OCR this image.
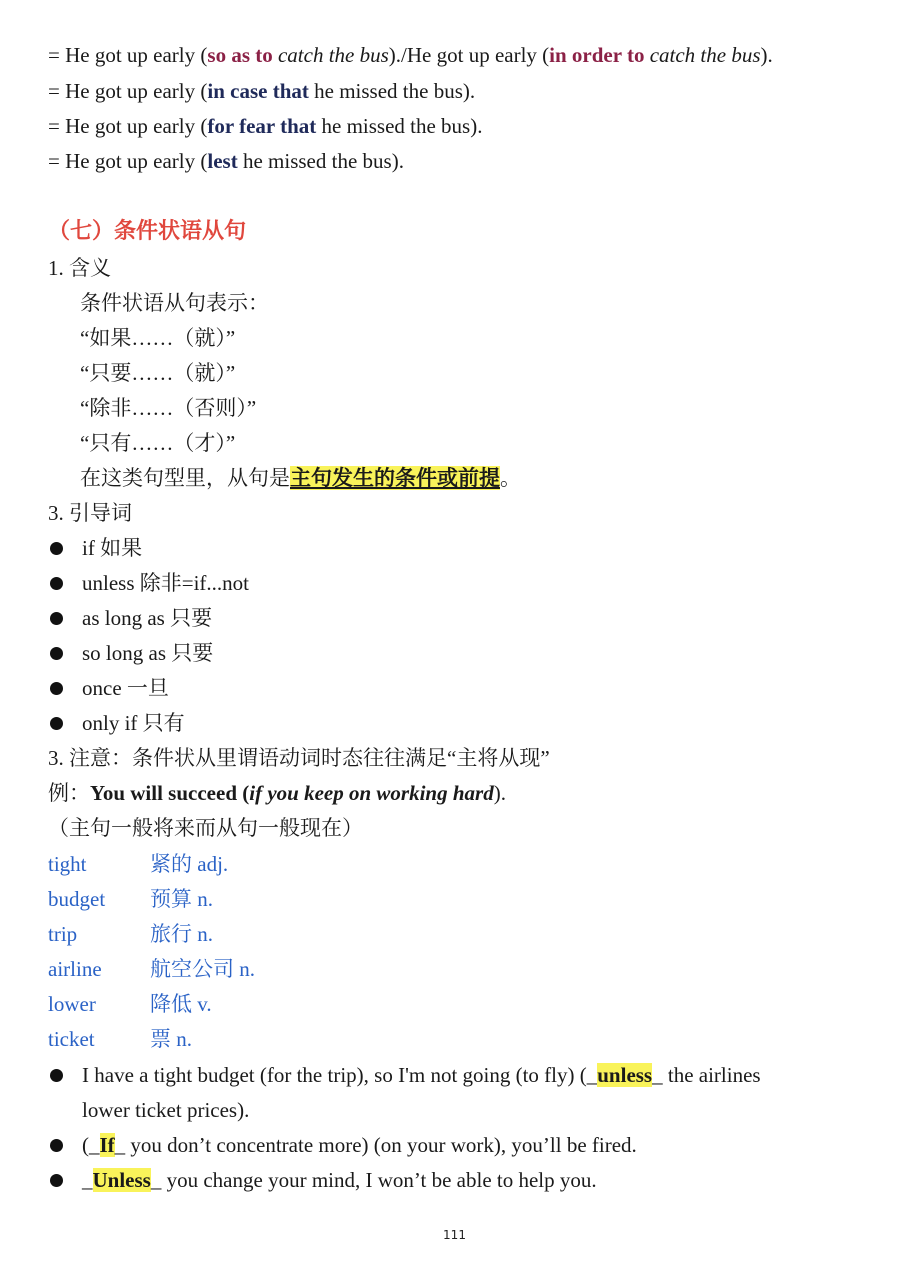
= He got up early (so as to catch the bus)./He got up early (in order to catch the bus).
= He got up early (in case that he missed the bus).
= He got up early (for fear that he missed the bus).
= He got up early (lest he missed the bus).
（七）条件状语从句
1. 含义
条件状语从句表示：
“如果……（就）”
“只要……（就）”
“除非……（否则）”
“只有……（才）”
在这类句型里，从句是主句发生的条件或前提。
3. 引导词
if 如果
unless 除非=if...not
as long as 只要
so long as 只要
once 一旦
only if 只有
3. 注意：条件状从里谓语动词时态往往满足“主将从现”
例：You will succeed (if you keep on working hard).
（主句一般将来而从句一般现在）
tight	紧的 adj.
budget 预算 n.
trip	旅行 n.
airline 航空公司 n.
lower	降低 v.
ticket	票 n.
I have a tight budget (for the trip), so I'm not going (to fly) (_unless_ the airlines
lower ticket prices).
(_If_ you don’t concentrate more) (on your work), you’ll be fired.
_Unless_ you change your mind, I won’t be able to help you.
111
